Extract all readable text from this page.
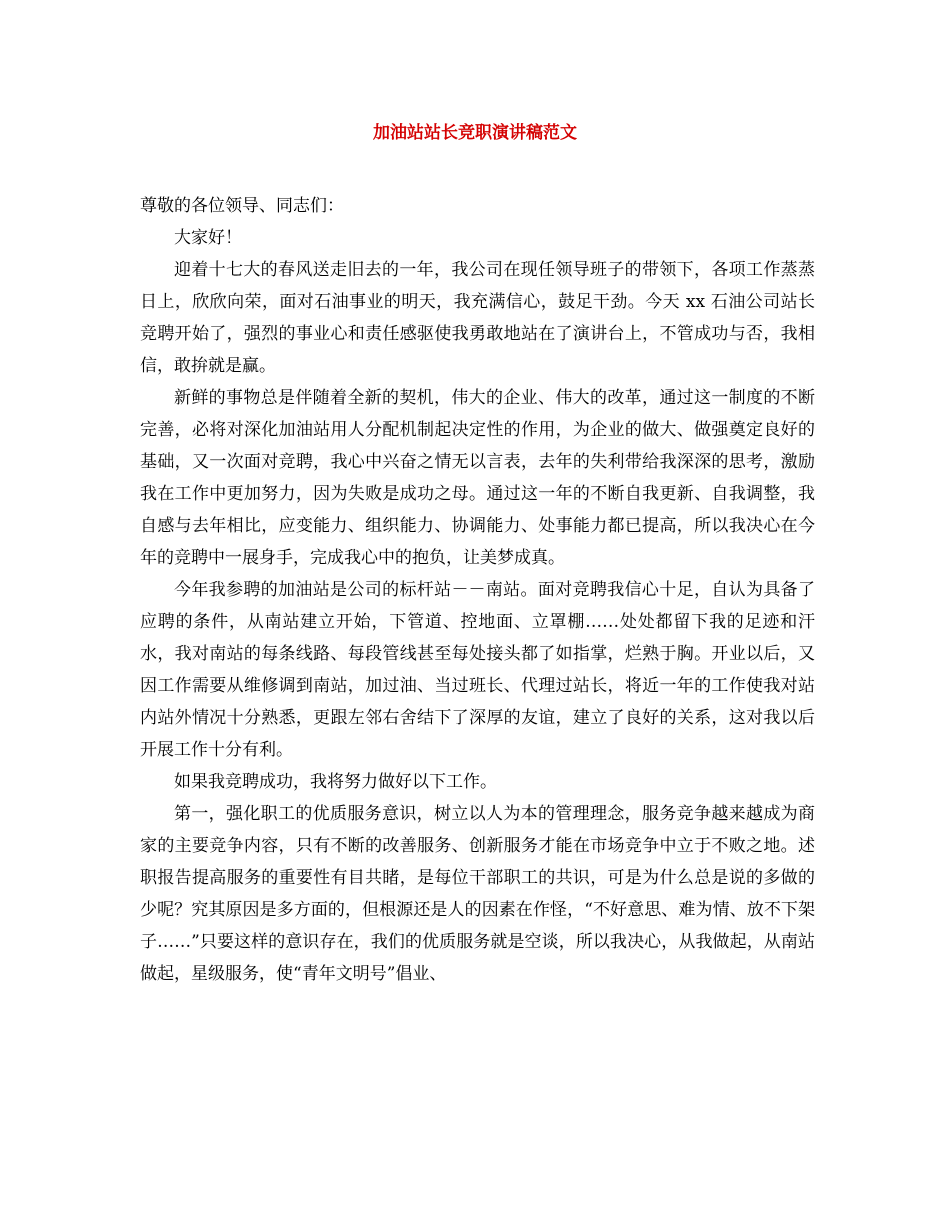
加油站站长竞职演讲稿范文

尊敬的各位领导、同志们：

大家好！

迎着十七大的春风送走旧去的一年，我公司在现任领导班子的带领下，各项工作蒸蒸日上，欣欣向荣，面对石油事业的明天，我充满信心，鼓足干劲。今天 xx 石油公司站长竞聘开始了，强烈的事业心和责任感驱使我勇敢地站在了演讲台上，不管成功与否，我相信，敢拚就是赢。

新鲜的事物总是伴随着全新的契机，伟大的企业、伟大的改革，通过这一制度的不断完善，必将对深化加油站用人分配机制起决定性的作用，为企业的做大、做强奠定良好的基础，又一次面对竞聘，我心中兴奋之情无以言表，去年的失利带给我深深的思考，激励我在工作中更加努力，因为失败是成功之母。通过这一年的不断自我更新、自我调整，我自感与去年相比，应变能力、组织能力、协调能力、处事能力都已提高，所以我决心在今年的竞聘中一展身手，完成我心中的抱负，让美梦成真。

今年我参聘的加油站是公司的标杆站－－南站。面对竞聘我信心十足，自认为具备了应聘的条件，从南站建立开始，下管道、控地面、立罩棚……处处都留下我的足迹和汗水，我对南站的每条线路、每段管线甚至每处接头都了如指掌，烂熟于胸。开业以后，又因工作需要从维修调到南站，加过油、当过班长、代理过站长，将近一年的工作使我对站内站外情况十分熟悉，更跟左邻右舍结下了深厚的友谊，建立了良好的关系，这对我以后开展工作十分有利。

如果我竞聘成功，我将努力做好以下工作。

第一，强化职工的优质服务意识，树立以人为本的管理理念，服务竞争越来越成为商家的主要竞争内容，只有不断的改善服务、创新服务才能在市场竞争中立于不败之地。述职报告提高服务的重要性有目共睹，是每位干部职工的共识，可是为什么总是说的多做的少呢？究其原因是多方面的，但根源还是人的因素在作怪，“不好意思、难为情、放不下架子……”只要这样的意识存在，我们的优质服务就是空谈，所以我决心，从我做起，从南站做起，星级服务，使“青年文明号”倡业、
